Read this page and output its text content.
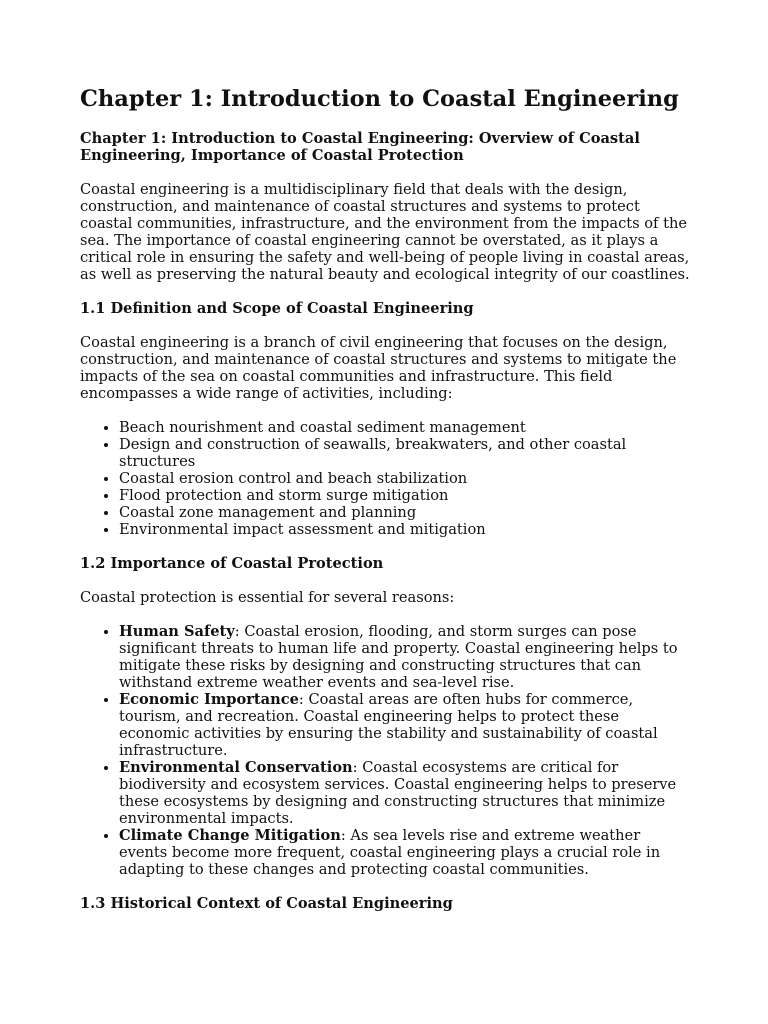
Chapter 1: Introduction to Coastal Engineering
Chapter 1: Introduction to Coastal Engineering: Overview of Coastal Engineering, Importance of Coastal Protection

Coastal engineering is a multidisciplinary field that deals with the design, construction, and maintenance of coastal structures and systems to protect coastal communities, infrastructure, and the environment from the impacts of the sea. The importance of coastal engineering cannot be overstated, as it plays a critical role in ensuring the safety and well-being of people living in coastal areas, as well as preserving the natural beauty and ecological integrity of our coastlines.

1.1 Definition and Scope of Coastal Engineering

Coastal engineering is a branch of civil engineering that focuses on the design, construction, and maintenance of coastal structures and systems to mitigate the impacts of the sea on coastal communities and infrastructure. This field encompasses a wide range of activities, including:

• Beach nourishment and coastal sediment management
• Design and construction of seawalls, breakwaters, and other coastal structures
• Coastal erosion control and beach stabilization
• Flood protection and storm surge mitigation
• Coastal zone management and planning
• Environmental impact assessment and mitigation
1.2 Importance of Coastal Protection

Coastal protection is essential for several reasons:

• Human Safety: Coastal erosion, flooding, and storm surges can pose significant threats to human life and property. Coastal engineering helps to mitigate these risks by designing and constructing structures that can withstand extreme weather events and sea-level rise.
• Economic Importance: Coastal areas are often hubs for commerce, tourism, and recreation. Coastal engineering helps to protect these economic activities by ensuring the stability and sustainability of coastal infrastructure.
• Environmental Conservation: Coastal ecosystems are critical for biodiversity and ecosystem services. Coastal engineering helps to preserve these ecosystems by designing and constructing structures that minimize environmental impacts.
• Climate Change Mitigation: As sea levels rise and extreme weather events become more frequent, coastal engineering plays a crucial role in adapting to these changes and protecting coastal communities.
1.3 Historical Context of Coastal Engineering
